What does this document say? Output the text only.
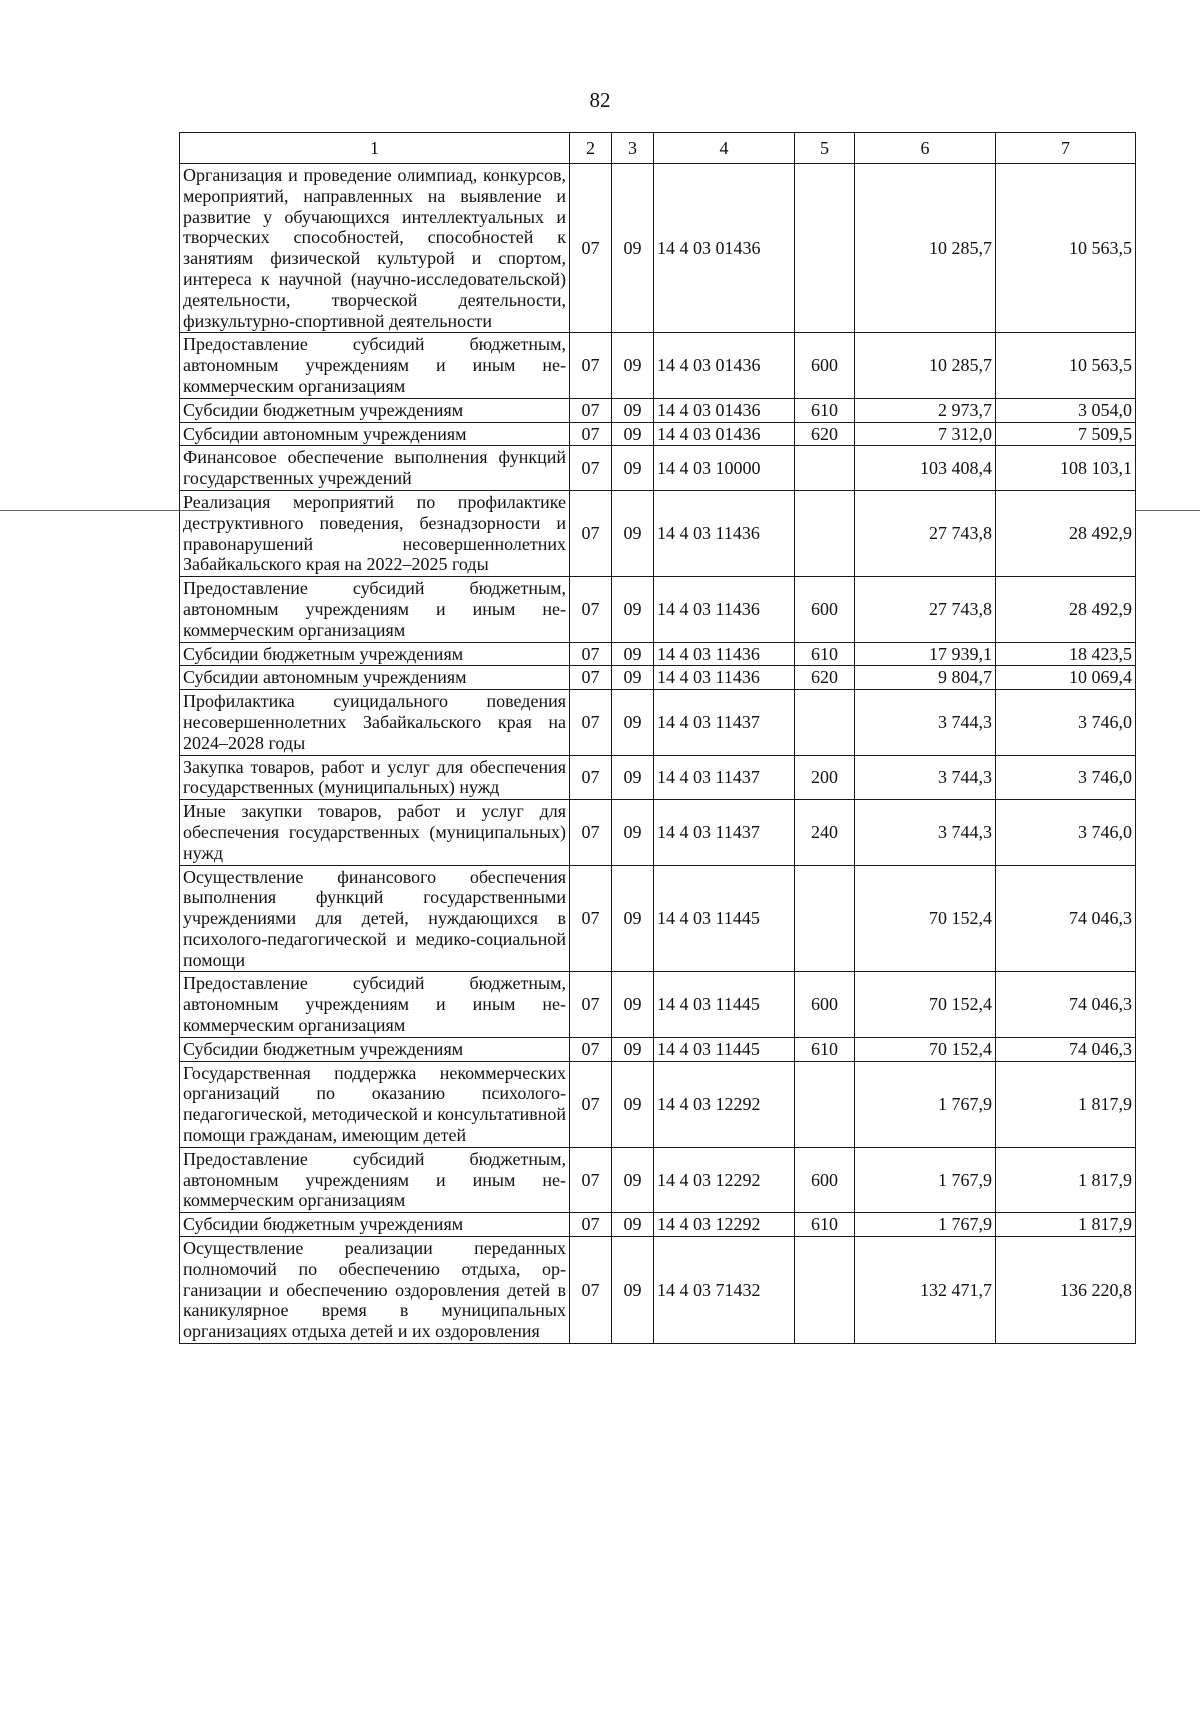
82
1	2	3	4	5	6	7
Организация и проведение олимпиад, конкурсов, мероприятий, направленных на выявление и развитие у обучающихся интеллектуальных и творческих способностей, способностей к занятиям физической культурой и спортом, интереса к научной (научно-исследовательской) деятельности, творческой деятельности, физкультурно-спортивной деятельности	07	09	14 4 03 01436		10 285,7	10 563,5
Предоставление субсидий бюджетным, автономным учреждениям и иным некоммерческим организациям	07	09	14 4 03 01436	600	10 285,7	10 563,5
Субсидии бюджетным учреждениям	07	09	14 4 03 01436	610	2 973,7	3 054,0
Субсидии автономным учреждениям	07	09	14 4 03 01436	620	7 312,0	7 509,5
Финансовое обеспечение выполнения функций государственных учреждений	07	09	14 4 03 10000		103 408,4	108 103,1
Реализация мероприятий по профилактике деструктивного поведения, безнадзорности и правонарушений несовершеннолетних Забайкальского края на 2022–2025 годы	07	09	14 4 03 11436		27 743,8	28 492,9
Предоставление субсидий бюджетным, автономным учреждениям и иным некоммерческим организациям	07	09	14 4 03 11436	600	27 743,8	28 492,9
Субсидии бюджетным учреждениям	07	09	14 4 03 11436	610	17 939,1	18 423,5
Субсидии автономным учреждениям	07	09	14 4 03 11436	620	9 804,7	10 069,4
Профилактика суицидального поведения несовершеннолетних Забайкальского края на 2024–2028 годы	07	09	14 4 03 11437		3 744,3	3 746,0
Закупка товаров, работ и услуг для обеспечения государственных (муниципальных) нужд	07	09	14 4 03 11437	200	3 744,3	3 746,0
Иные закупки товаров, работ и услуг для обеспечения государственных (муниципальных) нужд	07	09	14 4 03 11437	240	3 744,3	3 746,0
Осуществление финансового обеспечения выполнения функций государственными учреждениями для детей, нуждающихся в психолого-педагогической и медико-социальной помощи	07	09	14 4 03 11445		70 152,4	74 046,3
Предоставление субсидий бюджетным, автономным учреждениям и иным некоммерческим организациям	07	09	14 4 03 11445	600	70 152,4	74 046,3
Субсидии бюджетным учреждениям	07	09	14 4 03 11445	610	70 152,4	74 046,3
Государственная поддержка некоммерческих организаций по оказанию психолого-педагогической, методической и консультативной помощи гражданам, имеющим детей	07	09	14 4 03 12292		1 767,9	1 817,9
Предоставление субсидий бюджетным, автономным учреждениям и иным некоммерческим организациям	07	09	14 4 03 12292	600	1 767,9	1 817,9
Субсидии бюджетным учреждениям	07	09	14 4 03 12292	610	1 767,9	1 817,9
Осуществление реализации переданных полномочий по обеспечению отдыха, организации и обеспечению оздоровления детей в каникулярное время в муниципальных организациях отдыха детей и их оздоровления	07	09	14 4 03 71432		132 471,7	136 220,8
